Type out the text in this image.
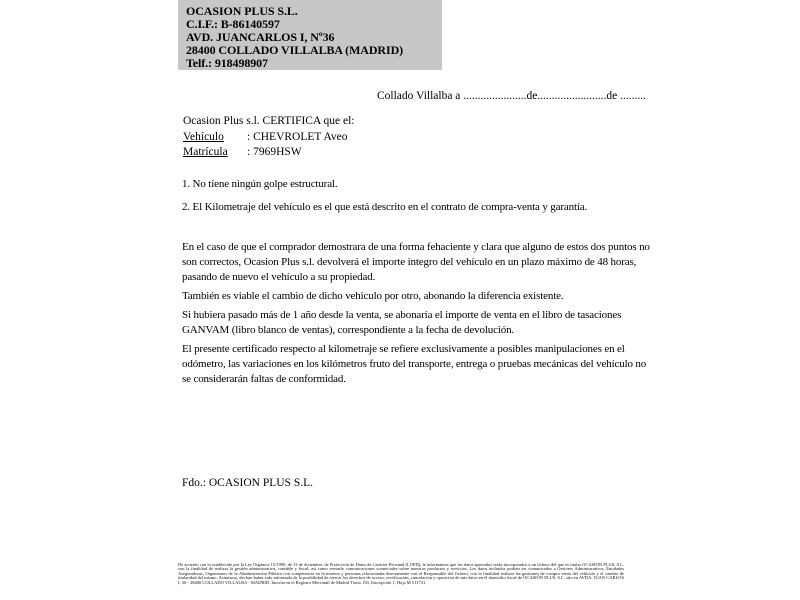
OCASION PLUS S.L.
C.I.F.: B-86140597
AVD. JUANCARLOS I, Nº36
28400 COLLADO VILLALBA (MADRID)
Telf.: 918498907
Collado Villalba a ......................de........................de .........
Ocasion Plus s.l. CERTIFICA que el:
Vehículo : CHEVROLET Aveo
Matrícula : 7969HSW
1. No tiene ningún golpe estructural.
2. El Kilometraje del vehículo es el que está descrito en el contrato de compra-venta y garantía.
En el caso de que el comprador demostrara de una forma fehaciente y clara que alguno de estos dos puntos no son correctos, Ocasion Plus s.l. devolverá el importe integro del vehículo en un plazo máximo de 48 horas, pasando de nuevo el vehículo a su propiedad.
También es viable el cambio de dicho vehiculo por otro, abonando la diferencia existente.
Si hubiera pasado más de 1 año desde la venta, se abonaría el importe de venta en el libro de tasaciones GANVAM (libro blanco de ventas), correspondiente a la fecha de devolución.
El presente certificado respecto al kilometraje se refiere exclusivamente a posibles manipulaciones en el odómetro, las variaciones en los kilómetros fruto del transporte, entrega o pruebas mecánicas del vehículo no se considerarán faltas de conformidad.
Fdo.: OCASION PLUS S.L.
De acuerdo con lo establecido por la Ley Orgánica 15/1999, de 13 de diciembre, de Protección de Datos de Carácter Personal (LOPD), le informamos que los datos aportados serán incorporados a un fichero del que es titular OCASION PLUS, S.L. con la finalidad de realizar la gestión administrativa, contable y fiscal, así como enviarle comunicaciones comerciales sobre nuestros productos y servicios. Los datos incluidos podrán ser comunicados a Gestores Administrativos, Entidades Aseguradoras, Organismos de la Administración Pública con competencia en la materia y personas relacionadas directamente con el Responsable del fichero, con la finalidad realizar las gestiones de compra venta del vehículo y el cambio de titularidad del mismo. Asimismo, declaro haber sido informado de la posibilidad de ejercer los derechos de acceso, rectificación, cancelación y oposición de mis datos en el domicilio fiscal de OCASIÓN PLUS, S.L. sito en AVDA. JUAN CARLOS I, 36 - 28400 COLLADO VILLALBA - MADRID. Inscrita en el Registro Mercantil de Madrid Tomo 150, Inscripción 1, Hoja M 511731.
